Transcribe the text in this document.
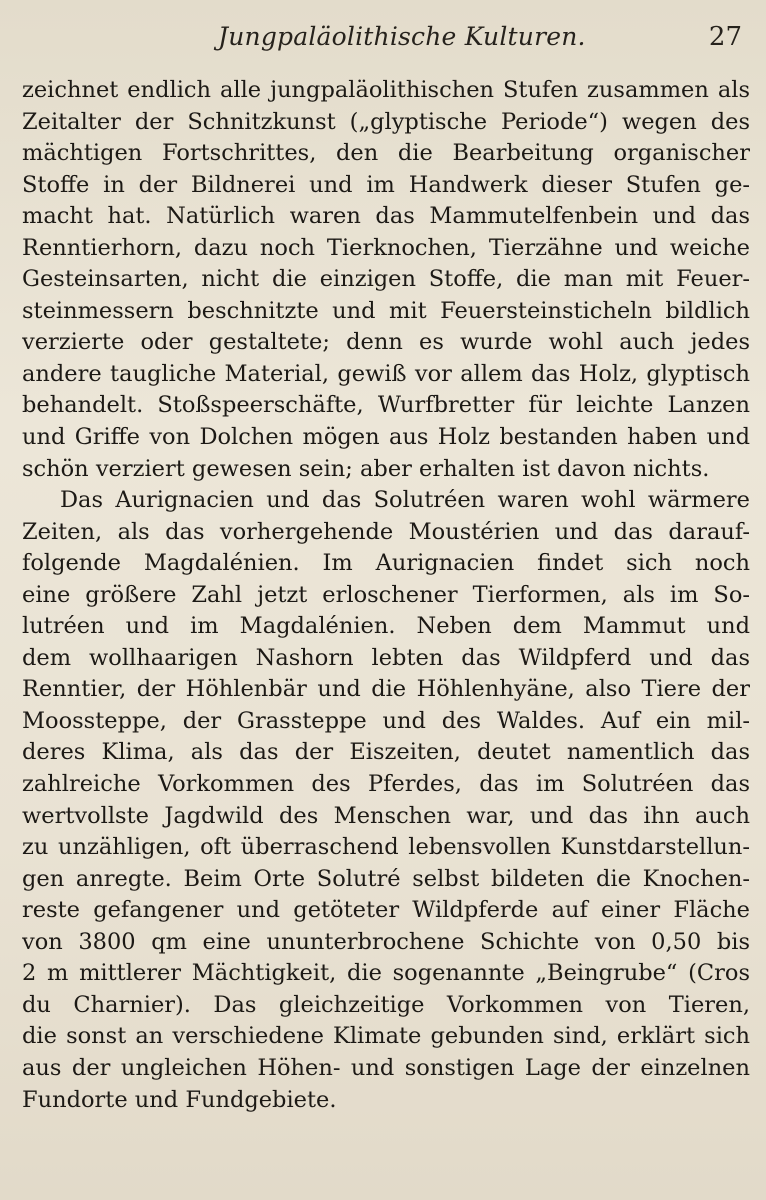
Jungpaläolithische Kulturen.	27
zeichnet endlich alle jungpaläolithischen Stufen zusammen als
Zeitalter der Schnitzkunst („glyptische Periode“) wegen des
mächtigen Fortschrittes, den die Bearbeitung organischer
Stoffe in der Bildnerei und im Handwerk dieser Stufen ge-
macht hat. Natürlich waren das Mammutelfenbein und das
Renntierhorn, dazu noch Tierknochen, Tierzähne und weiche
Gesteinsarten, nicht die einzigen Stoffe, die man mit Feuer-
steinmessern beschnitzte und mit Feuersteinsticheln bildlich
verzierte oder gestaltete; denn es wurde wohl auch jedes
andere taugliche Material, gewiß vor allem das Holz, glyptisch
behandelt. Stoßspeerschäfte, Wurfbretter für leichte Lanzen
und Griffe von Dolchen mögen aus Holz bestanden haben und
schön verziert gewesen sein; aber erhalten ist davon nichts.
Das Aurignacien und das Solutréen waren wohl wärmere
Zeiten, als das vorhergehende Moustérien und das darauf-
folgende Magdalénien. Im Aurignacien findet sich noch
eine größere Zahl jetzt erloschener Tierformen, als im So-
lutréen und im Magdalénien. Neben dem Mammut und
dem wollhaarigen Nashorn lebten das Wildpferd und das
Renntier, der Höhlenbär und die Höhlenhyäne, also Tiere der
Moossteppe, der Grassteppe und des Waldes. Auf ein mil-
deres Klima, als das der Eiszeiten, deutet namentlich das
zahlreiche Vorkommen des Pferdes, das im Solutréen das
wertvollste Jagdwild des Menschen war, und das ihn auch
zu unzähligen, oft überraschend lebensvollen Kunstdarstellun-
gen anregte. Beim Orte Solutré selbst bildeten die Knochen-
reste gefangener und getöteter Wildpferde auf einer Fläche
von 3800 qm eine ununterbrochene Schichte von 0,50 bis
2 m mittlerer Mächtigkeit, die sogenannte „Beingrube“ (Cros
du Charnier). Das gleichzeitige Vorkommen von Tieren,
die sonst an verschiedene Klimate gebunden sind, erklärt sich
aus der ungleichen Höhen- und sonstigen Lage der einzelnen
Fundorte und Fundgebiete.
